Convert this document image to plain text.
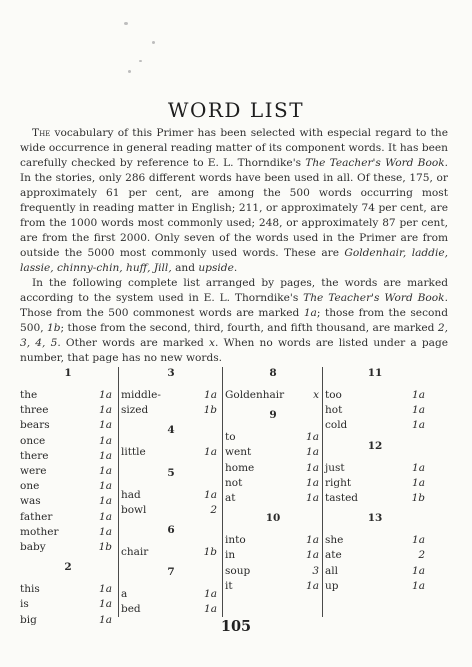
WORD LIST

The vocabulary of this Primer has been selected with especial regard to the wide occurrence in general reading matter of its component words. It has been carefully checked by reference to E. L. Thorndike's The Teacher's Word Book. In the stories, only 286 different words have been used in all. Of these, 175, or approximately 61 per cent, are among the 500 words occurring most frequently in reading matter in English; 211, or approximately 74 per cent, are from the 1000 words most commonly used; 248, or approximately 87 per cent, are from the first 2000. Only seven of the words used in the Primer are from outside the 5000 most commonly used words. These are Goldenhair, laddie, lassie, chinny-chin, huff, Jill, and upside.

In the following complete list arranged by pages, the words are marked according to the system used in E. L. Thorndike's The Teacher's Word Book. Those from the 500 commonest words are marked 1a; those from the second 500, 1b; those from the second, third, fourth, and fifth thousand, are marked 2, 3, 4, 5. Other words are marked x. When no words are listed under a page number, that page has no new words.

1
the	1a
three	1a
bears	1a
once	1a
there	1a
were	1a
one	1a
was	1a
father	1a
mother	1a
baby	1b
2
this	1a
is	1a
big	1a
3
middle-	1a
sized	1b
4
little	1a
5
had	1a
bowl	2
6
chair	1b
7
a	1a
bed	1a
8
Goldenhair	x
9
to	1a
went	1a
home	1a
not	1a
at	1a
10
into	1a
in	1a
soup	3
it	1a
11
too	1a
hot	1a
cold	1a
12
just	1a
right	1a
tasted	1b
13
she	1a
ate	2
all	1a
up	1a
105
